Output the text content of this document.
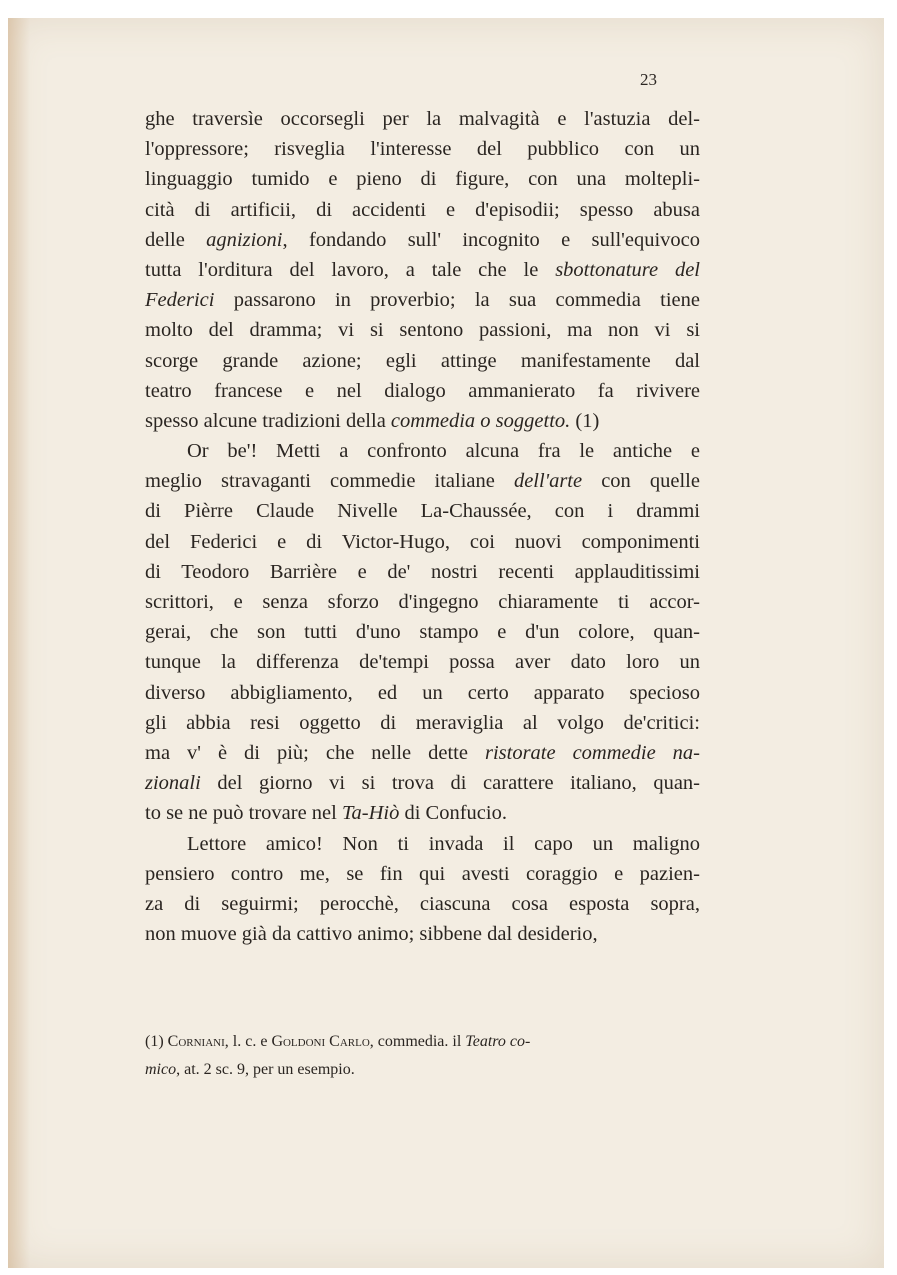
23
ghe traversìe occorsegli per la malvagità e l'astuzia del-
l'oppressore; risveglia l'interesse del pubblico con un
linguaggio tumido e pieno di figure, con una moltepli-
cità di artificii, di accidenti e d'episodii; spesso abusa
delle agnizioni, fondando sull' incognito e sull'equivoco
tutta l'orditura del lavoro, a tale che le sbottonature del
Federici passarono in proverbio; la sua commedia tiene
molto del dramma; vi si sentono passioni, ma non vi si
scorge grande azione; egli attinge manifestamente dal
teatro francese e nel dialogo ammanierato fa rivivere
spesso alcune tradizioni della commedia o soggetto. (1)
Or be'! Metti a confronto alcuna fra le antiche e
meglio stravaganti commedie italiane dell'arte con quelle
di Pièrre Claude Nivelle La-Chaussée, con i drammi
del Federici e di Victor-Hugo, coi nuovi componimenti
di Teodoro Barrière e de' nostri recenti applauditissimi
scrittori, e senza sforzo d'ingegno chiaramente ti accor-
gerai, che son tutti d'uno stampo e d'un colore, quan-
tunque la differenza de'tempi possa aver dato loro un
diverso abbigliamento, ed un certo apparato specioso
gli abbia resi oggetto di meraviglia al volgo de'critici:
ma v' è di più; che nelle dette ristorate commedie na-
zionali del giorno vi si trova di carattere italiano, quan-
to se ne può trovare nel Ta-Hiò di Confucio.
Lettore amico! Non ti invada il capo un maligno
pensiero contro me, se fin qui avesti coraggio e pazien-
za di seguirmi; perocchè, ciascuna cosa esposta sopra,
non muove già da cattivo animo; sibbene dal desiderio,
(1) Corniani, l. c. e Goldoni Carlo, commedia. il Teatro co-
mico, at. 2 sc. 9, per un esempio.
